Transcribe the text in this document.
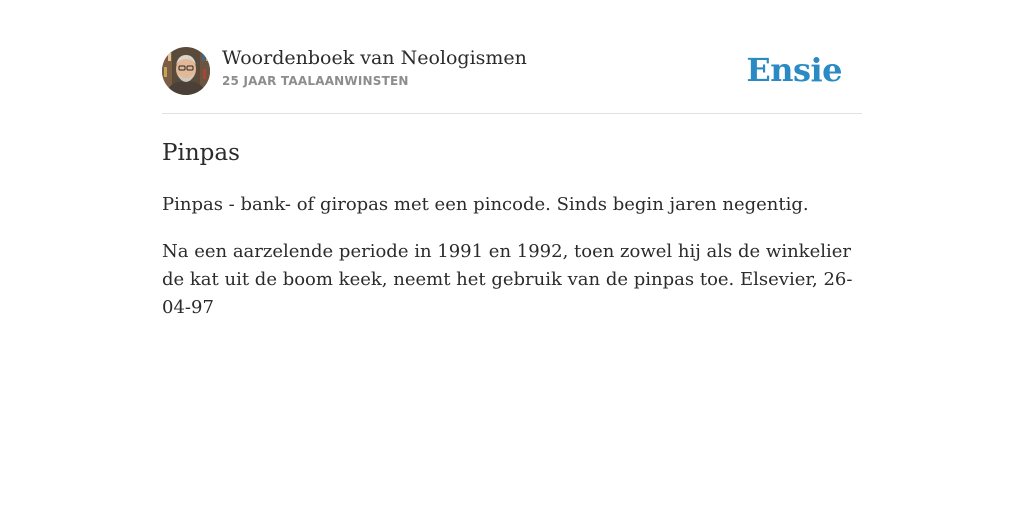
Woordenboek van Neologismen
25 JAAR TAALAANWINSTEN	Ensie
Pinpas

Pinpas - bank- of giropas met een pincode. Sinds begin jaren negentig.

Na een aarzelende periode in 1991 en 1992, toen zowel hij als de winkelier de kat uit de boom keek, neemt het gebruik van de pinpas toe. Elsevier, 26-04-97
